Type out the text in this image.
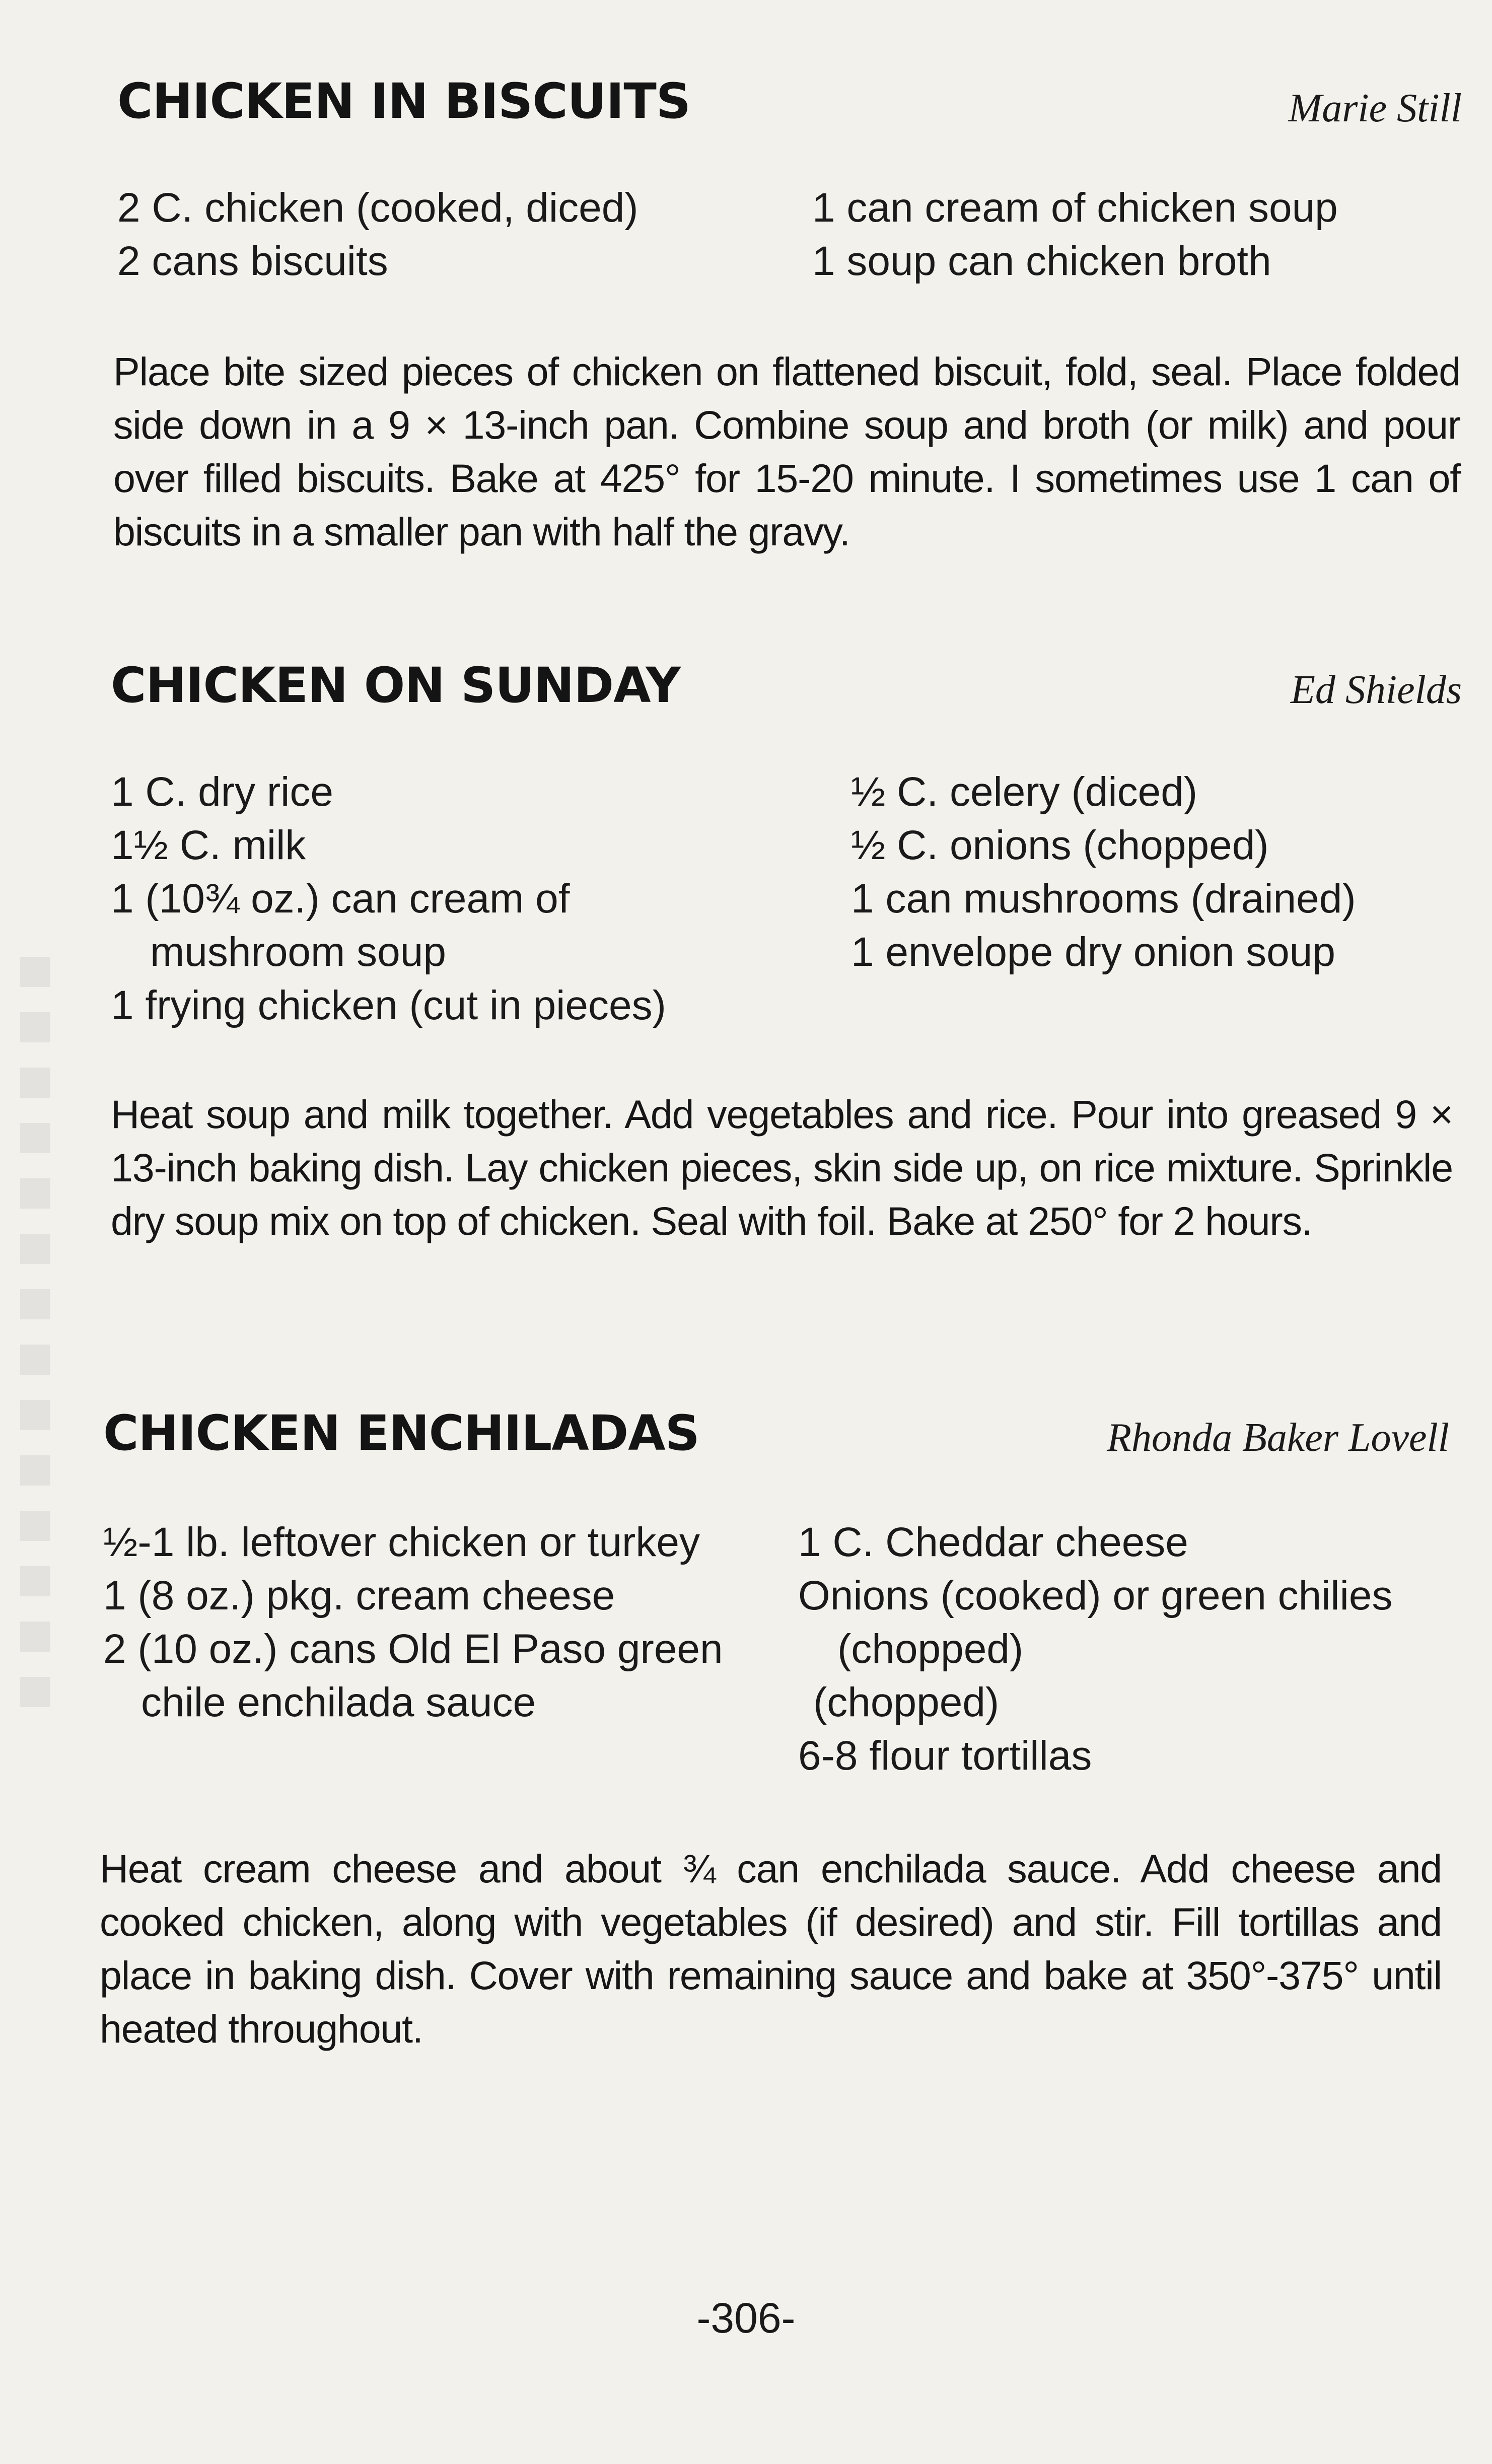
CHICKEN IN BISCUITS	Marie Still
2 C. chicken (cooked, diced)
2 cans biscuits
1 can cream of chicken soup
1 soup can chicken broth
Place bite sized pieces of chicken on flattened biscuit, fold, seal. Place folded side down in a 9 × 13-inch pan. Combine soup and broth (or milk) and pour over filled biscuits. Bake at 425° for 15-20 minute. I sometimes use 1 can of biscuits in a smaller pan with half the gravy.
CHICKEN ON SUNDAY	Ed Shields
1 C. dry rice
1½ C. milk
1 (10¾ oz.) can cream of
mushroom soup
1 frying chicken (cut in pieces)
½ C. celery (diced)
½ C. onions (chopped)
1 can mushrooms (drained)
1 envelope dry onion soup
Heat soup and milk together. Add vegetables and rice. Pour into greased 9 × 13-inch baking dish. Lay chicken pieces, skin side up, on rice mixture. Sprinkle dry soup mix on top of chicken. Seal with foil. Bake at 250° for 2 hours.
CHICKEN ENCHILADAS	Rhonda Baker Lovell
½-1 lb. leftover chicken or turkey
1 (8 oz.) pkg. cream cheese
2 (10 oz.) cans Old El Paso green
chile enchilada sauce
1 C. Cheddar cheese
Onions (cooked) or green chilies
(chopped)
(chopped)
6-8 flour tortillas
Heat cream cheese and about ¾ can enchilada sauce. Add cheese and cooked chicken, along with vegetables (if desired) and stir. Fill tortillas and place in baking dish. Cover with remaining sauce and bake at 350°-375° until heated throughout.
-306-
